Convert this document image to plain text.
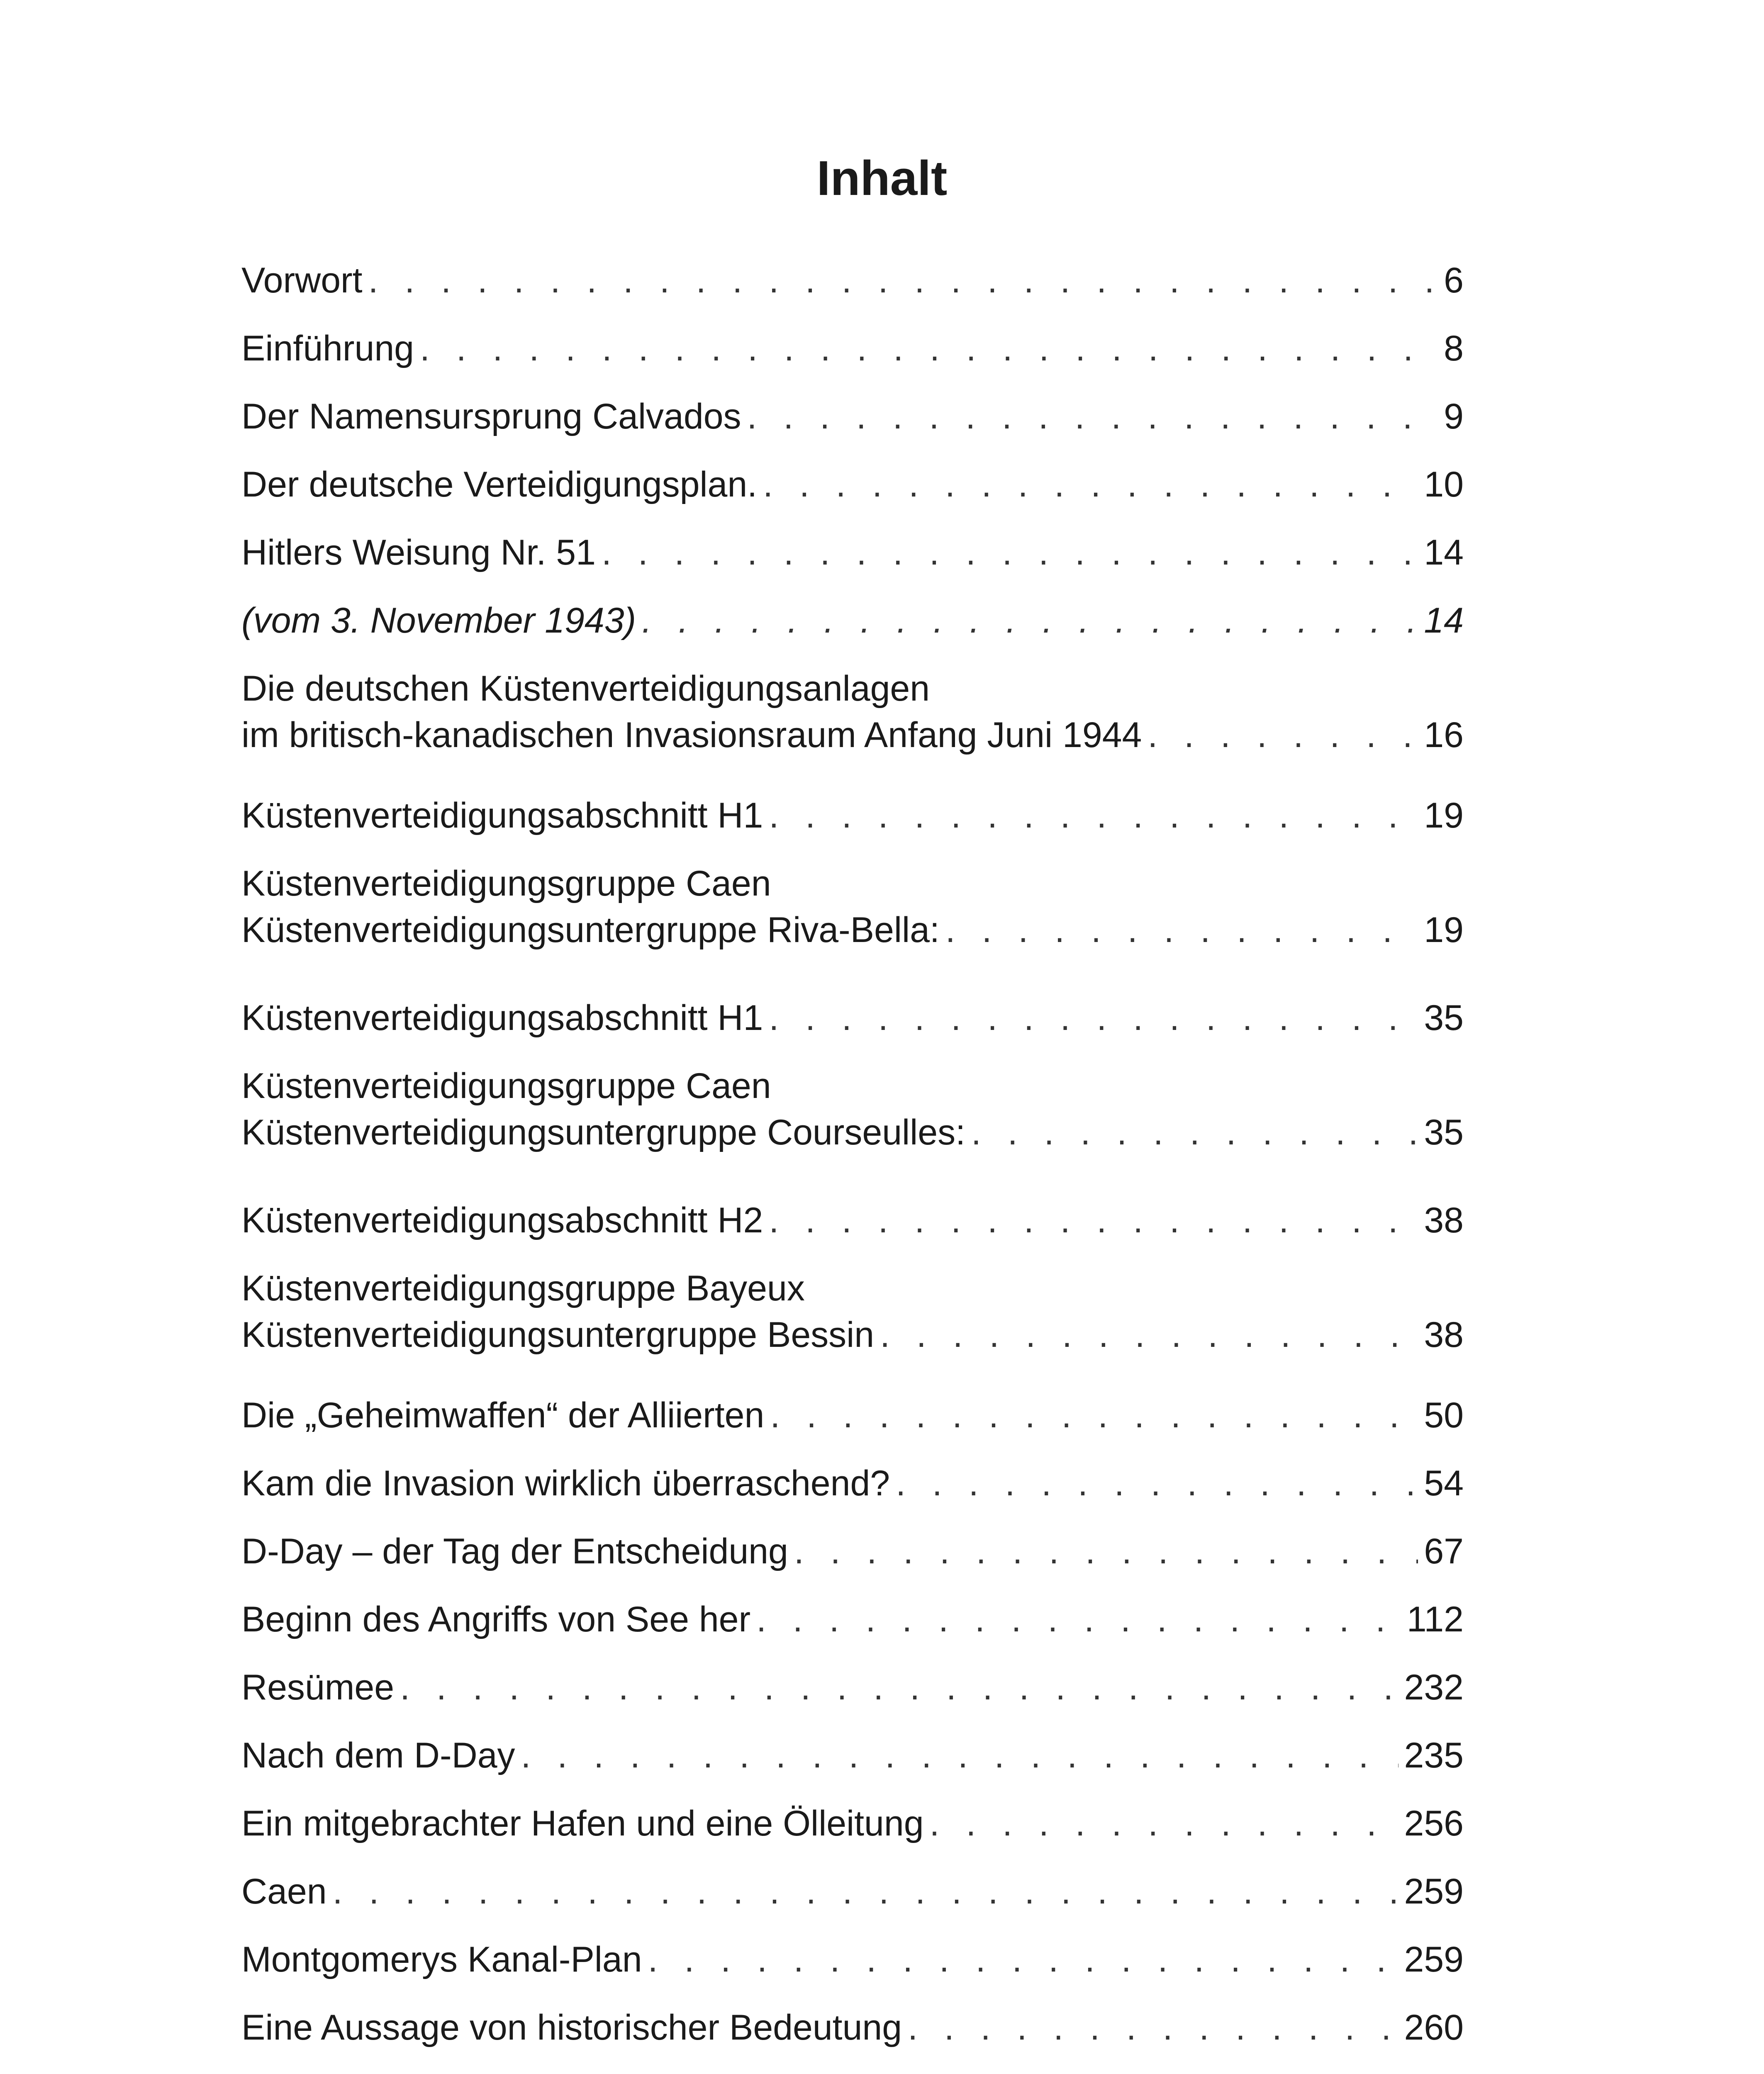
Inhalt
Vorwort . . .	6
Einführung . . .	8
Der Namensursprung Calvados . . .	9
Der deutsche Verteidigungsplan. . . .	10
Hitlers Weisung Nr. 51 . . .	14
(vom 3. November 1943) . . .	14
Die deutschen Küstenverteidigungsanlagen
im britisch-kanadischen Invasionsraum Anfang Juni 1944 . . .	16
Küstenverteidigungsabschnitt H1 . . .	19
Küstenverteidigungsgruppe Caen
Küstenverteidigungsuntergruppe Riva-Bella: . . .	19
Küstenverteidigungsabschnitt H1 . . .	35
Küstenverteidigungsgruppe Caen
Küstenverteidigungsuntergruppe Courseulles: . . .	35
Küstenverteidigungsabschnitt H2 . . .	38
Küstenverteidigungsgruppe Bayeux
Küstenverteidigungsuntergruppe Bessin . . .	38
Die „Geheimwaffen“ der Alliierten . . .	50
Kam die Invasion wirklich überraschend? . . .	54
D-Day – der Tag der Entscheidung . . .	67
Beginn des Angriffs von See her . . .	112
Resümee . . .	232
Nach dem D-Day . . .	235
Ein mitgebrachter Hafen und eine Ölleitung . . .	256
Caen . . .	259
Montgomerys Kanal-Plan . . .	259
Eine Aussage von historischer Bedeutung . . .	260
. . .
